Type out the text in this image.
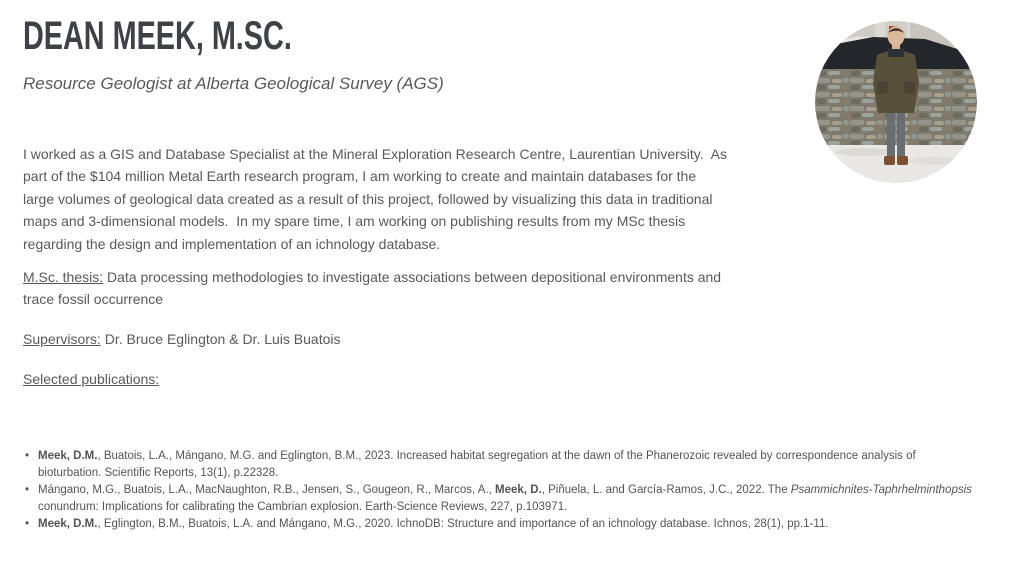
DEAN MEEK, M.SC.
Resource Geologist at Alberta Geological Survey (AGS)
I worked as a GIS and Database Specialist at the Mineral Exploration Research Centre, Laurentian University.  As
part of the $104 million Metal Earth research program, I am working to create and maintain databases for the
large volumes of geological data created as a result of this project, followed by visualizing this data in traditional
maps and 3-dimensional models.  In my spare time, I am working on publishing results from my MSc thesis
regarding the design and implementation of an ichnology database.
M.Sc. thesis: Data processing methodologies to investigate associations between depositional environments and
trace fossil occurrence
Supervisors: Dr. Bruce Eglington & Dr. Luis Buatois
Selected publications:
• Meek, D.M., Buatois, L.A., Mángano, M.G. and Eglington, B.M., 2023. Increased habitat segregation at the dawn of the Phanerozoic revealed by correspondence analysis of
bioturbation. Scientific Reports, 13(1), p.22328.
• Mángano, M.G., Buatois, L.A., MacNaughton, R.B., Jensen, S., Gougeon, R., Marcos, A., Meek, D., Piñuela, L. and García-Ramos, J.C., 2022. The Psammichnites-Taphrhelminthopsis
conundrum: Implications for calibrating the Cambrian explosion. Earth-Science Reviews, 227, p.103971.
• Meek, D.M., Eglington, B.M., Buatois, L.A. and Mángano, M.G., 2020. IchnoDB: Structure and importance of an ichnology database. Ichnos, 28(1), pp.1-11.
